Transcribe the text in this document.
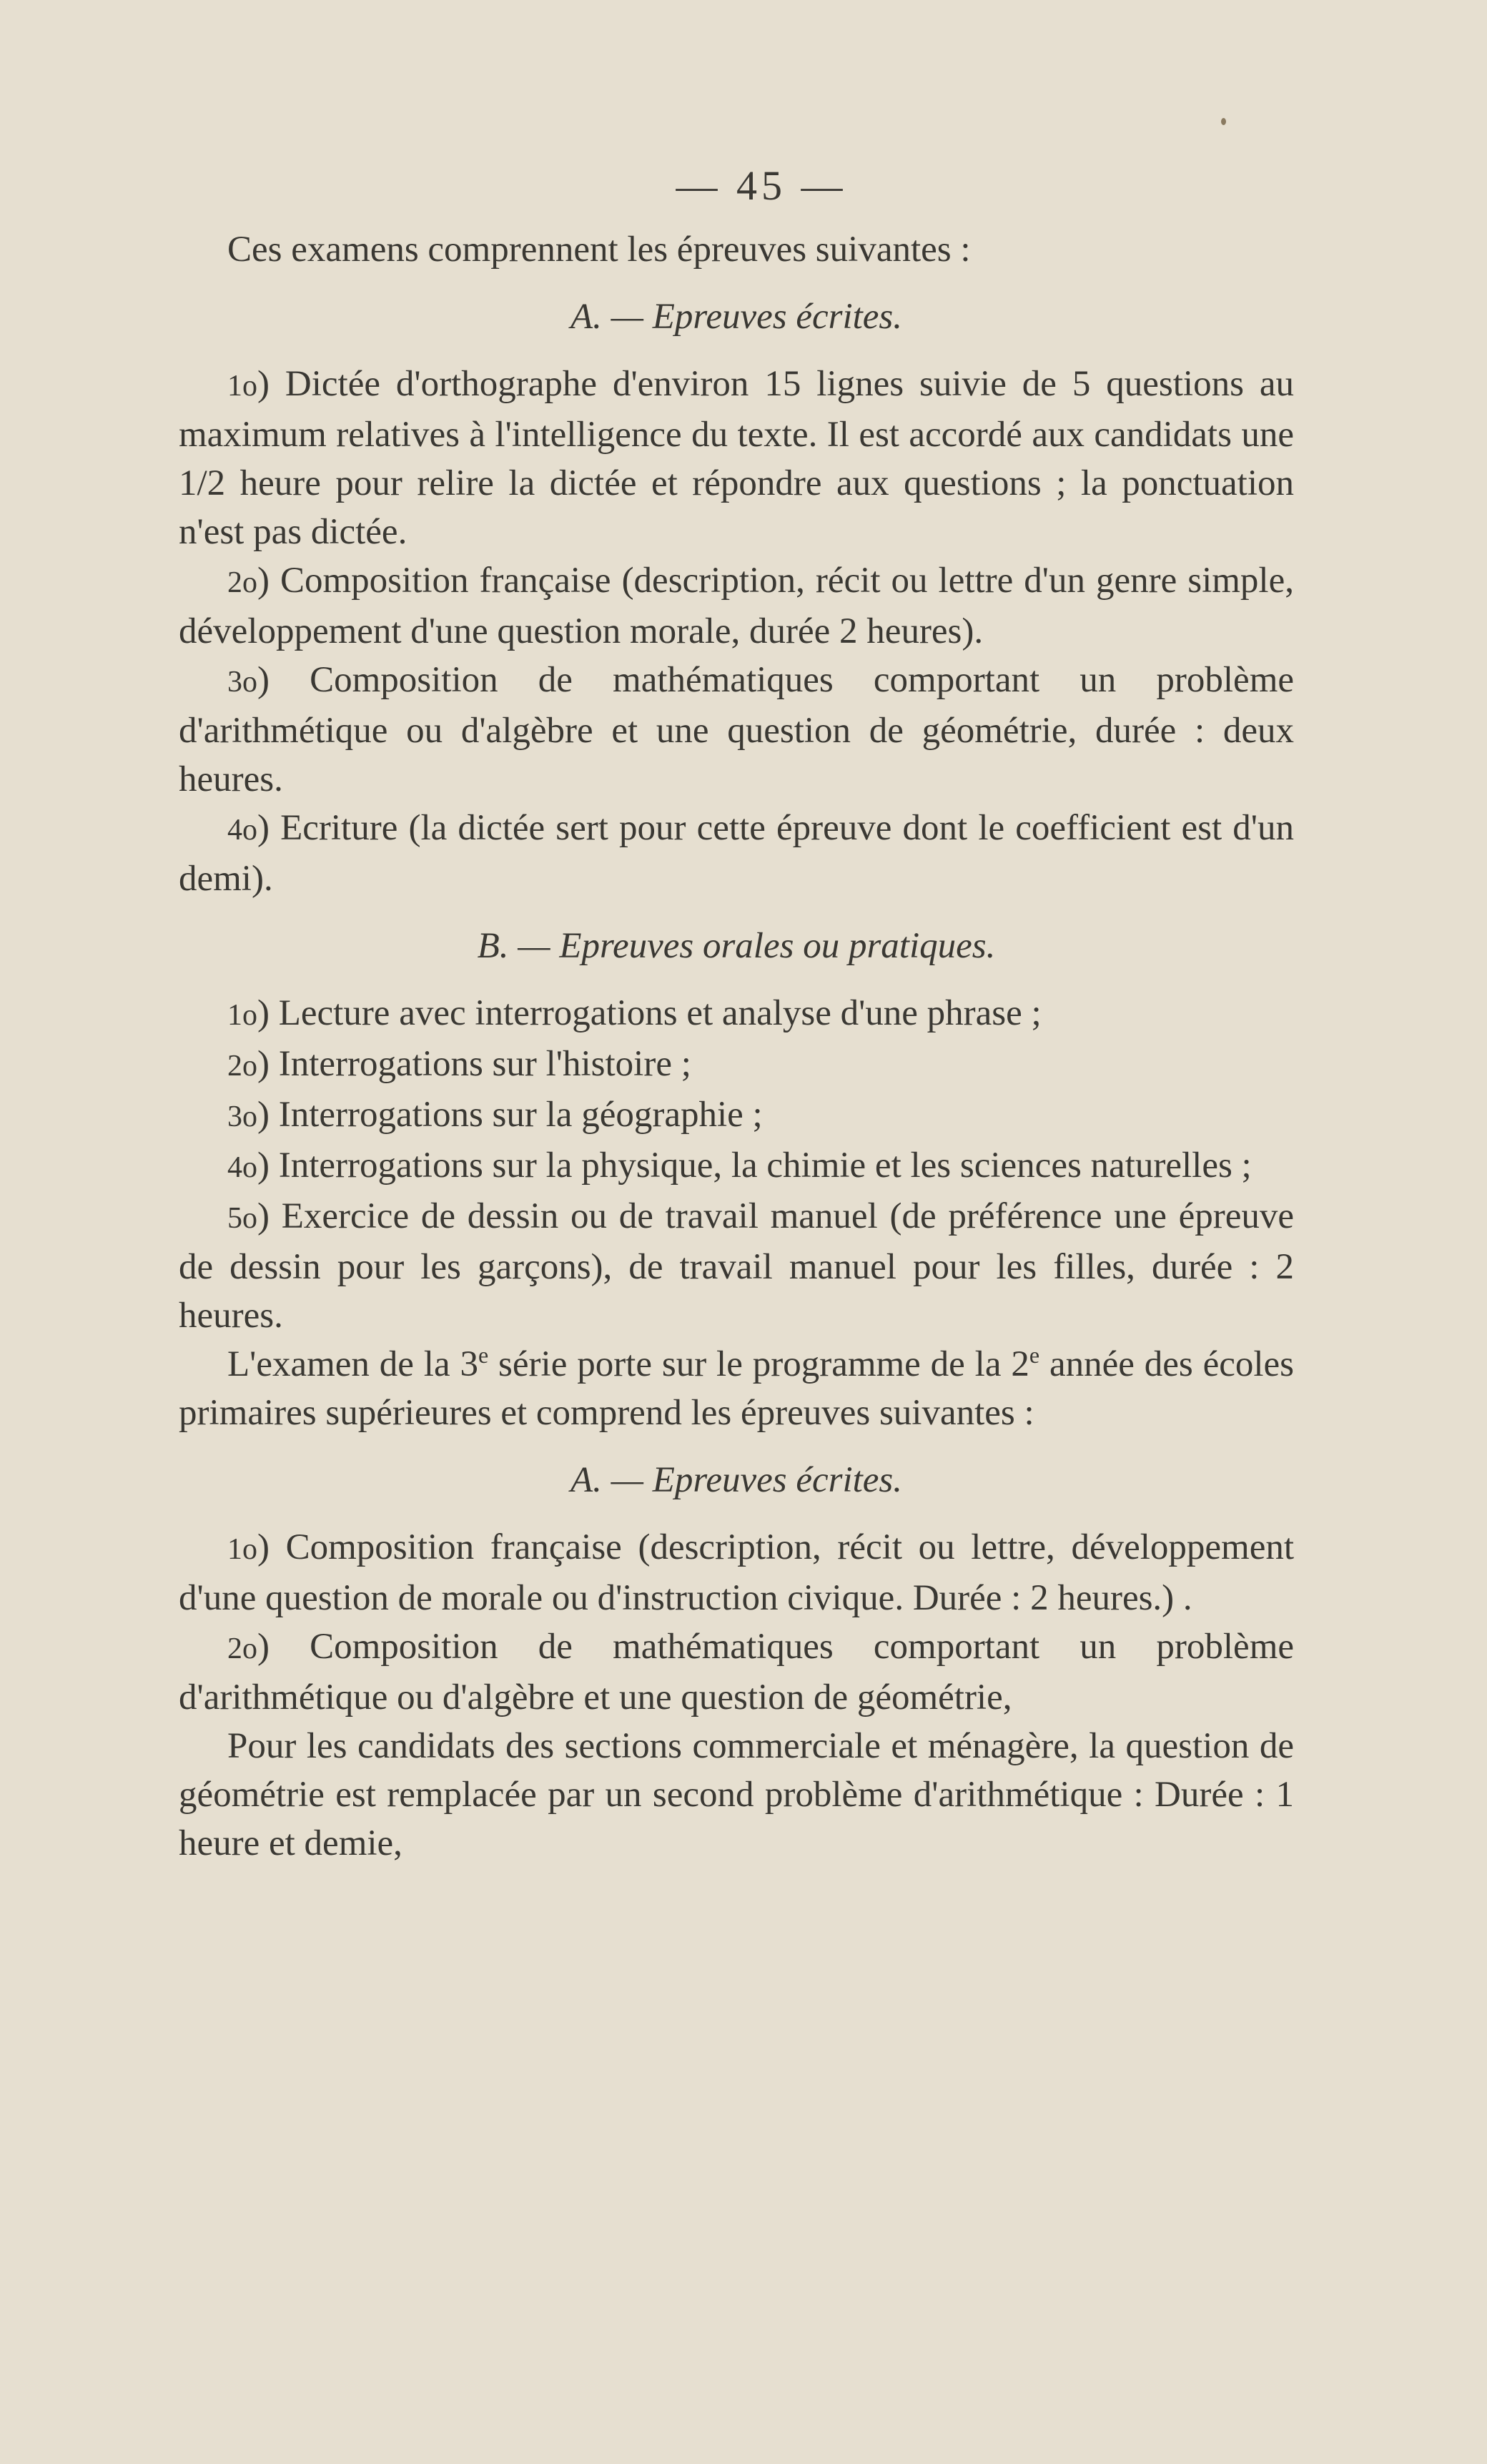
— 45 —

Ces examens comprennent les épreuves suivantes :

A. — Epreuves écrites.

1o) Dictée d'orthographe d'environ 15 lignes suivie de 5 questions au maximum relatives à l'intelligence du texte. Il est accordé aux candidats une 1/2 heure pour relire la dictée et répondre aux questions ; la ponctuation n'est pas dictée.

2o) Composition française (description, récit ou lettre d'un genre simple, développement d'une question morale, durée 2 heures).

3o) Composition de mathématiques comportant un problème d'arithmétique ou d'algèbre et une question de géométrie, durée : deux heures.

4o) Ecriture (la dictée sert pour cette épreuve dont le coefficient est d'un demi).

B. — Epreuves orales ou pratiques.

1o) Lecture avec interrogations et analyse d'une phrase ;

2o) Interrogations sur l'histoire ;

3o) Interrogations sur la géographie ;

4o) Interrogations sur la physique, la chimie et les sciences naturelles ;

5o) Exercice de dessin ou de travail manuel (de préférence une épreuve de dessin pour les garçons), de travail manuel pour les filles, durée : 2 heures.

L'examen de la 3e série porte sur le programme de la 2e année des écoles primaires supérieures et comprend les épreuves suivantes :

A. — Epreuves écrites.

1o) Composition française (description, récit ou lettre, développement d'une question de morale ou d'instruction civique. Durée : 2 heures.) .

2o) Composition de mathématiques comportant un problème d'arithmétique ou d'algèbre et une question de géométrie,

Pour les candidats des sections commerciale et ménagère, la question de géométrie est remplacée par un second problème d'arithmétique : Durée : 1 heure et demie,
